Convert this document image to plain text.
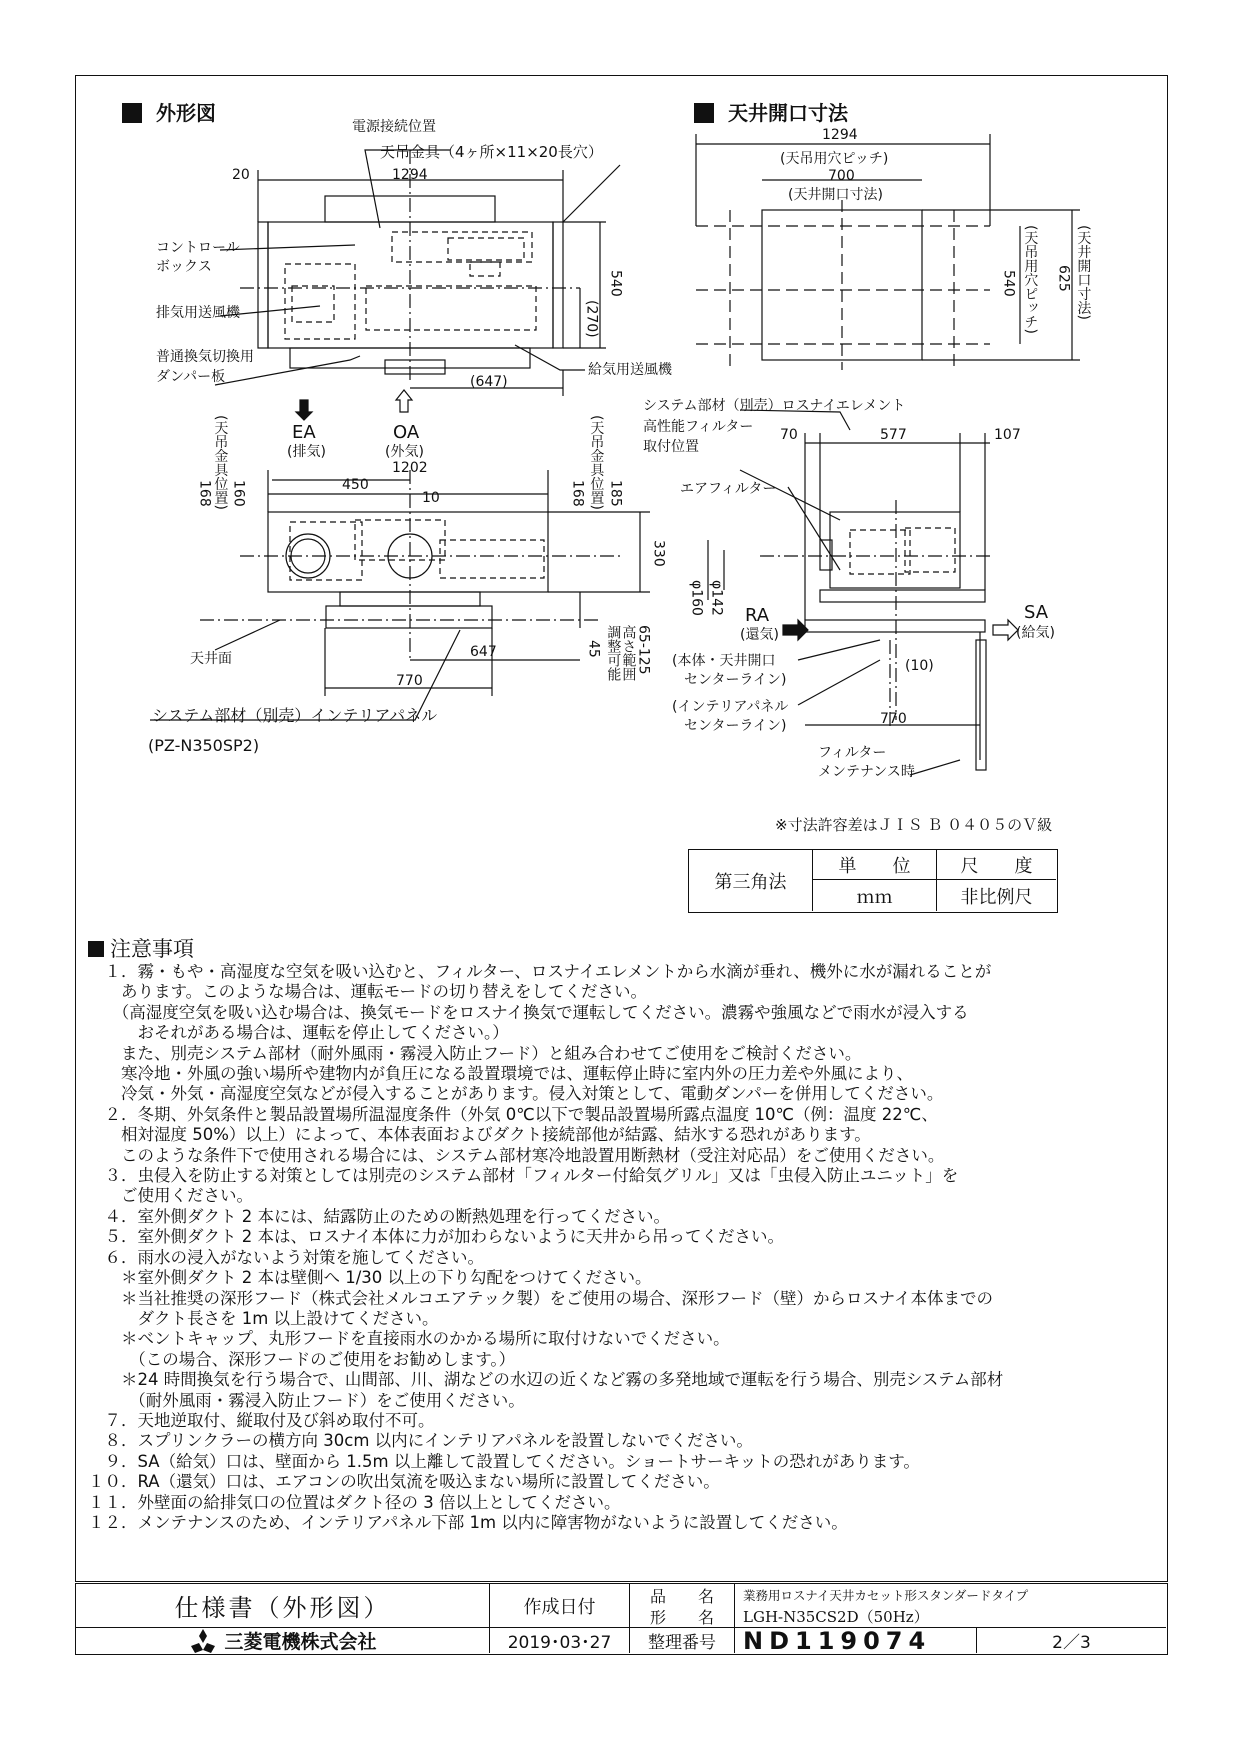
外形図	天井開口寸法
電源接続位置
天吊金具（4ヶ所×11×20長穴）
20	1294
コントロール
ボックス
排気用送風機
普通換気切換用
ダンパー板	給気用送風機
540
(270)
(647)
EA
(排気)
OA
(外気)
(天吊金具位置)
168 160	450
1202
10	(天吊金具位置)
168 185
330
45 調整可能 高さ範囲 65-125
647
770
天井面
システム部材（別売）インテリアパネル
(PZ-N350SP2)
1294
(天吊用穴ピッチ)
700
(天井開口寸法)
540 (天吊用穴ピッチ) 625 (天井開口寸法)
システム部材（別売）ロスナイエレメント
高性能フィルター
取付位置
70	577	107
エアフィルター
φ160 φ142 RA
(還気)
SA
(給気)
(本体・天井開口
センターライン)
(インテリアパネル
センターライン)
(10)
770
フィルター
メンテナンス時
※寸法許容差はＪＩＳ Ｂ ０４０５のＶ級
第三角法
単　　位	尺　　度
ｍｍ	非比例尺
注意事項

　１．霧・もや・高湿度な空気を吸い込むと、フィルター、ロスナイエレメントから水滴が垂れ、機外に水が漏れることが

　　あります。このような場合は、運転モードの切り替えをしてください。

　　（高湿度空気を吸い込む場合は、換気モードをロスナイ換気で運転してください。濃霧や強風などで雨水が浸入する

　　　おそれがある場合は、運転を停止してください。）

　　また、別売システム部材（耐外風雨・霧浸入防止フード）と組み合わせてご使用をご検討ください。

　　寒冷地・外風の強い場所や建物内が負圧になる設置環境では、運転停止時に室内外の圧力差や外風により、

　　冷気・外気・高湿度空気などが侵入することがあります。侵入対策として、電動ダンパーを併用してください。

　２．冬期、外気条件と製品設置場所温湿度条件（外気 0℃以下で製品設置場所露点温度 10℃（例：温度 22℃、

　　相対湿度 50%）以上）によって、本体表面およびダクト接続部他が結露、結氷する恐れがあります。

　　このような条件下で使用される場合には、システム部材寒冷地設置用断熱材（受注対応品）をご使用ください。

　３．虫侵入を防止する対策としては別売のシステム部材「フィルター付給気グリル」又は「虫侵入防止ユニット」を

　　ご使用ください。

　４．室外側ダクト 2 本には、結露防止のための断熱処理を行ってください。

　５．室外側ダクト 2 本は、ロスナイ本体に力が加わらないように天井から吊ってください。

　６．雨水の浸入がないよう対策を施してください。

　　＊室外側ダクト 2 本は壁側へ 1/30 以上の下り勾配をつけてください。

　　＊当社推奨の深形フード（株式会社メルコエアテック製）をご使用の場合、深形フード（壁）からロスナイ本体までの

　　　ダクト長さを 1m 以上設けてください。

　　＊ベントキャップ、丸形フードを直接雨水のかかる場所に取付けないでください。

　　　（この場合、深形フードのご使用をお勧めします。）

　　＊24 時間換気を行う場合で、山間部、川、湖などの水辺の近くなど霧の多発地域で運転を行う場合、別売システム部材

　　　（耐外風雨・霧浸入防止フード）をご使用ください。

　７．天地逆取付、縦取付及び斜め取付不可。

　８．スプリンクラーの横方向 30cm 以内にインテリアパネルを設置しないでください。

　９．SA（給気）口は、壁面から 1.5m 以上離して設置してください。ショートサーキットの恐れがあります。

１０．RA（還気）口は、エアコンの吹出気流を吸込まない場所に設置してください。

１１．外壁面の給排気口の位置はダクト径の 3 倍以上としてください。

１２．メンテナンスのため、インテリアパネル下部 1m 以内に障害物がないように設置してください。

仕様書（外形図）
三菱電機株式会社
作成日付
2019･03･27
品　　名
形　　名
整理番号
業務用ロスナイ天井カセット形スタンダードタイプ
LGH-N35CS2D（50Hz）
ND119074	2／3
